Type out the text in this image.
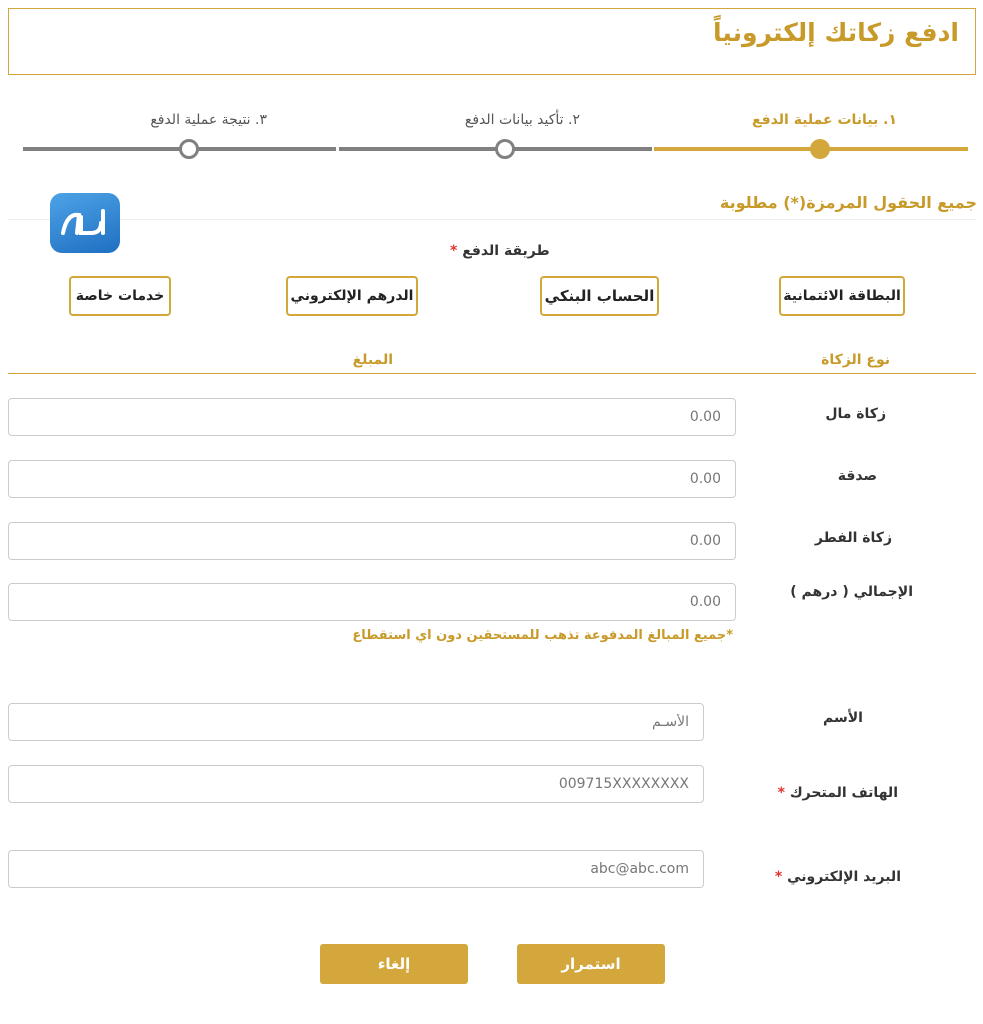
ادفع زكاتك إلكترونياً
١. بيانات عملية الدفع
٢. تأكيد بيانات الدفع
٣. نتيجة عملية الدفع
جميع الحقول المرمزة(*) مطلوبة
طريقة الدفع *
البطاقة الائتمانية
الحساب البنكي
الدرهم الإلكتروني
خدمات خاصة
نوع الزكاة
المبلغ
زكاة مال
0.00
صدقة
0.00
زكاة الفطر
0.00
الإجمالي ( درهم )
0.00
*جميع المبالغ المدفوعة تذهب للمستحقين دون اي استقطاع
الأسم
الأسـم
الهاتف المتحرك *
009715XXXXXXXX
البريد الإلكتروني *
abc@abc.com
استمرار
إلغاء
